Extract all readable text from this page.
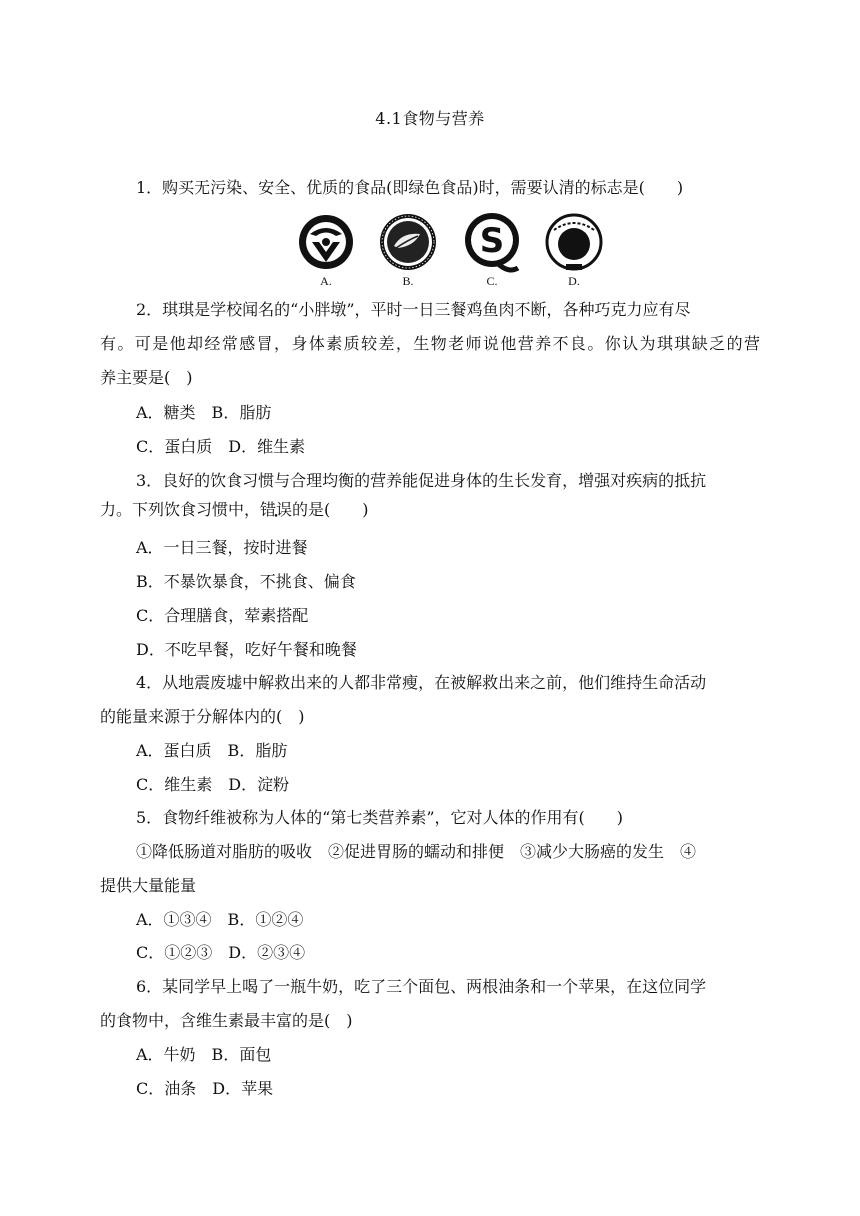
4.1食物与营养
1．购买无污染、安全、优质的食品(即绿色食品)时，需要认清的标志是(　　)
A.	B.
S
C.	D.
2．琪琪是学校闻名的“小胖墩”，平时一日三餐鸡鱼肉不断，各种巧克力应有尽
有。可是他却经常感冒，身体素质较差，生物老师说他营养不良。你认为琪琪缺乏的营
养主要是(　)
A．糖类　B．脂肪
C．蛋白质　D．维生素
3．良好的饮食习惯与合理均衡的营养能促进身体的生长发育，增强对疾病的抵抗
力。下列饮食习惯中，错误的是(　　)
A．一日三餐，按时进餐
B．不暴饮暴食，不挑食、偏食
C．合理膳食，荤素搭配
D．不吃早餐，吃好午餐和晚餐
4．从地震废墟中解救出来的人都非常瘦，在被解救出来之前，他们维持生命活动
的能量来源于分解体内的(　)
A．蛋白质　B．脂肪
C．维生素　D．淀粉
5．食物纤维被称为人体的“第七类营养素”，它对人体的作用有(　　)
①降低肠道对脂肪的吸收　②促进胃肠的蠕动和排便　③减少大肠癌的发生　④
提供大量能量
A．①③④　B．①②④
C．①②③　D．②③④
6．某同学早上喝了一瓶牛奶，吃了三个面包、两根油条和一个苹果，在这位同学
的食物中，含维生素最丰富的是(　)
A．牛奶　B．面包
C．油条　D．苹果
